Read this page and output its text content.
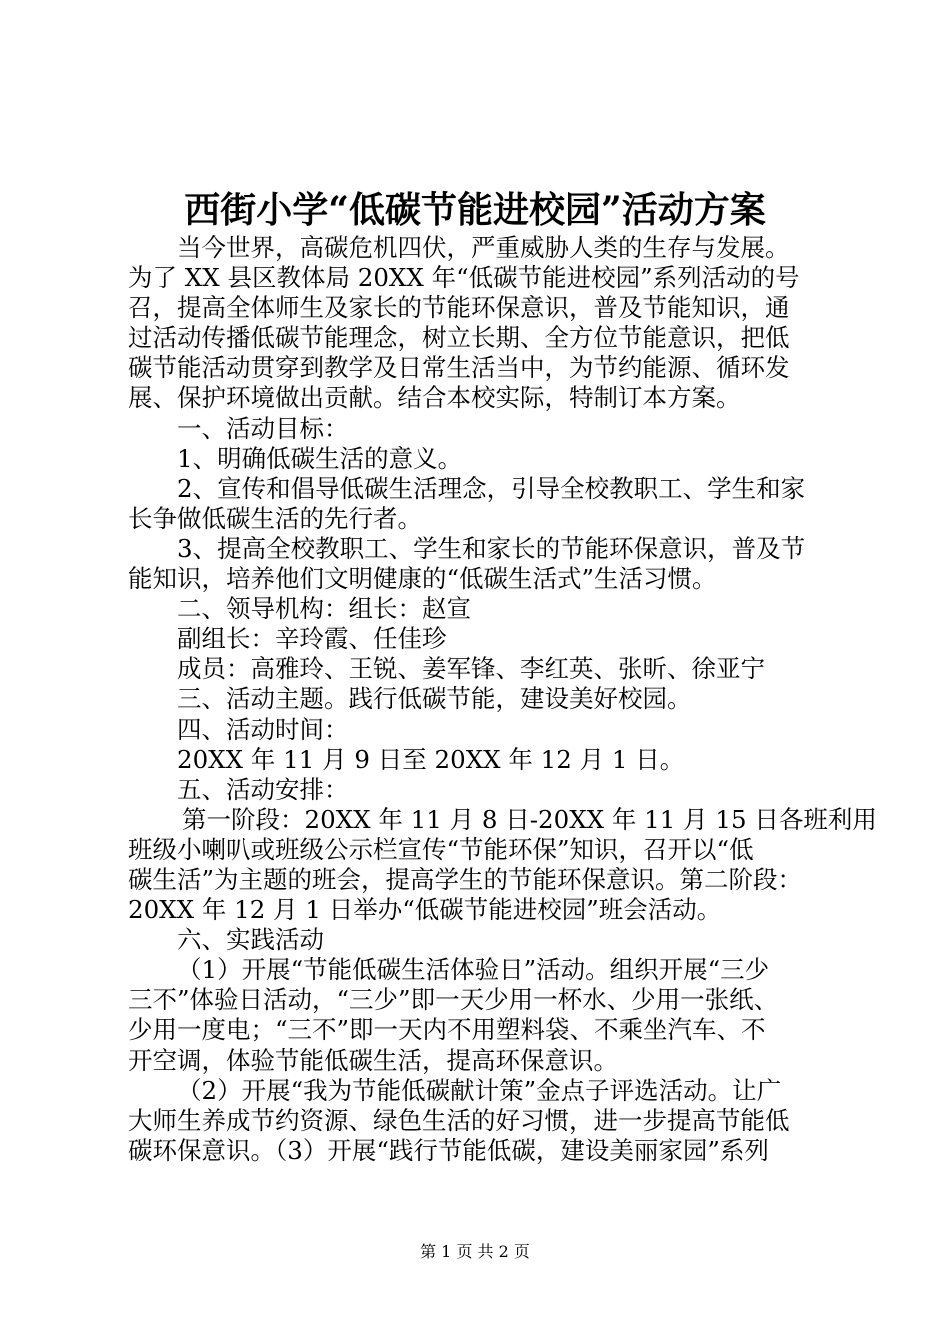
西街小学“低碳节能进校园”活动方案
当今世界，高碳危机四伏，严重威胁人类的生存与发展。
为了 XX 县区教体局 20XX 年“低碳节能进校园”系列活动的号
召，提高全体师生及家长的节能环保意识，普及节能知识，通
过活动传播低碳节能理念，树立长期、全方位节能意识，把低
碳节能活动贯穿到教学及日常生活当中，为节约能源、循环发
展、保护环境做出贡献。结合本校实际，特制订本方案。
一、活动目标：
1、明确低碳生活的意义。
2、宣传和倡导低碳生活理念，引导全校教职工、学生和家
长争做低碳生活的先行者。
3、提高全校教职工、学生和家长的节能环保意识，普及节
能知识，培养他们文明健康的“低碳生活式”生活习惯。
二、领导机构：组长：赵宣
副组长：辛玲霞、任佳珍
成员：高雅玲、王锐、姜军锋、李红英、张昕、徐亚宁
三、活动主题。践行低碳节能，建设美好校园。
四、活动时间：
20XX 年 11 月 9 日至 20XX 年 12 月 1 日。
五、活动安排：
第一阶段：20XX 年 11 月 8 日-20XX 年 11 月 15 日各班利用
班级小喇叭或班级公示栏宣传“节能环保”知识，召开以“低
碳生活”为主题的班会，提高学生的节能环保意识。第二阶段：
20XX 年 12 月 1 日举办“低碳节能进校园”班会活动。
六、实践活动
（1）开展“节能低碳生活体验日”活动。组织开展“三少
三不”体验日活动，“三少”即一天少用一杯水、少用一张纸、
少用一度电；“三不”即一天内不用塑料袋、不乘坐汽车、不
开空调，体验节能低碳生活，提高环保意识。
（2）开展“我为节能低碳献计策”金点子评选活动。让广
大师生养成节约资源、绿色生活的好习惯，进一步提高节能低
碳环保意识。（3）开展“践行节能低碳，建设美丽家园”系列
第 1 页 共 2 页
